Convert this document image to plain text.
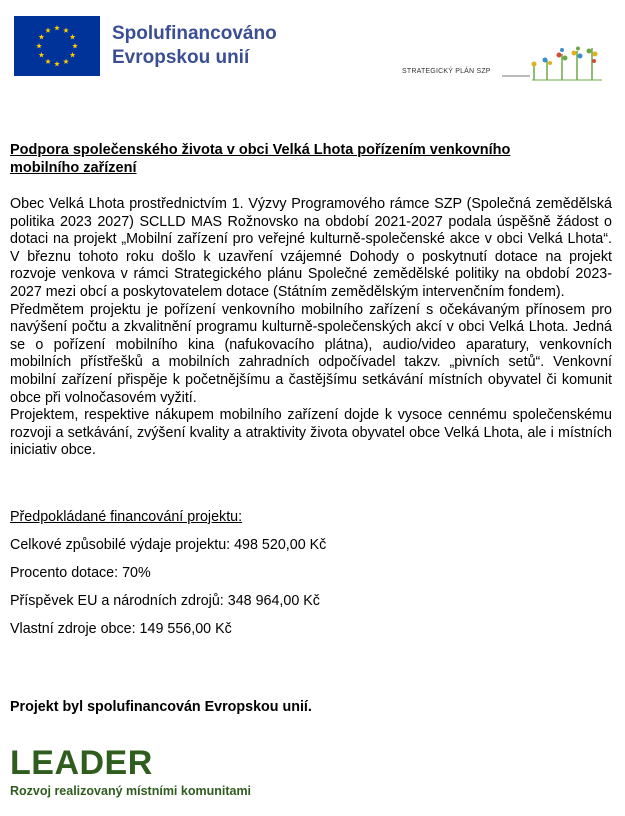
Spolufinancováno
Evropskou unií
STRATEGICKÝ PLÁN SZP
Podpora společenského života v obci Velká Lhota pořízením venkovního
mobilního zařízení

Obec Velká Lhota prostřednictvím 1. Výzvy Programového rámce SZP (Společná zemědělská politika 2023 2027) SCLLD MAS Rožnovsko na období 2021-2027 podala úspěšně žádost o dotaci na projekt „Mobilní zařízení pro veřejné kulturně-společenské akce v obci Velká Lhota“. V březnu tohoto roku došlo k uzavření vzájemné Dohody o poskytnutí dotace na projekt rozvoje venkova v rámci Strategického plánu Společné zemědělské politiky na období 2023-2027 mezi obcí a poskytovatelem dotace (Státním zemědělským intervenčním fondem).

Předmětem projektu je pořízení venkovního mobilního zařízení s očekávaným přínosem pro navýšení počtu a zkvalitnění programu kulturně-společenských akcí v obci Velká Lhota. Jedná se o pořízení mobilního kina (nafukovacího plátna), audio/video aparatury, venkovních mobilních přístřešků a mobilních zahradních odpočívadel takzv. „pivních setů“. Venkovní mobilní zařízení přispěje k početnějšímu a častějšímu setkávání místních obyvatel či komunit obce při volnočasovém vyžití.

Projektem, respektive nákupem mobilního zařízení dojde k vysoce cennému společenskému rozvoji a setkávání, zvýšení kvality a atraktivity života obyvatel obce Velká Lhota, ale i místních iniciativ obce.

Předpokládané financování projektu:
Celkové způsobilé výdaje projektu: 498 520,00 Kč
Procento dotace: 70%
Příspěvek EU a národních zdrojů: 348 964,00 Kč
Vlastní zdroje obce: 149 556,00 Kč
Projekt byl spolufinancován Evropskou unií.
LEADER
Rozvoj realizovaný místními komunitami
